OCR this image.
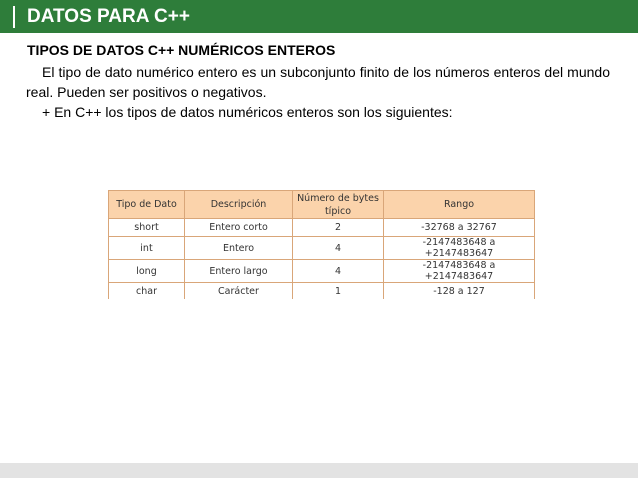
DATOS PARA C++
TIPOS DE DATOS C++ NUMÉRICOS ENTEROS
El tipo de dato numérico entero es un subconjunto finito de los números enteros del mundo real. Pueden ser positivos o negativos.
+ En C++ los tipos de datos numéricos enteros son los siguientes:
Tipo de Dato	Descripción	Número de bytes típico	Rango
short	Entero corto	2	-32768 a 32767
int	Entero	4	-2147483648 a +2147483647
long	Entero largo	4	-2147483648 a +2147483647
char	Carácter	1	-128 a 127
